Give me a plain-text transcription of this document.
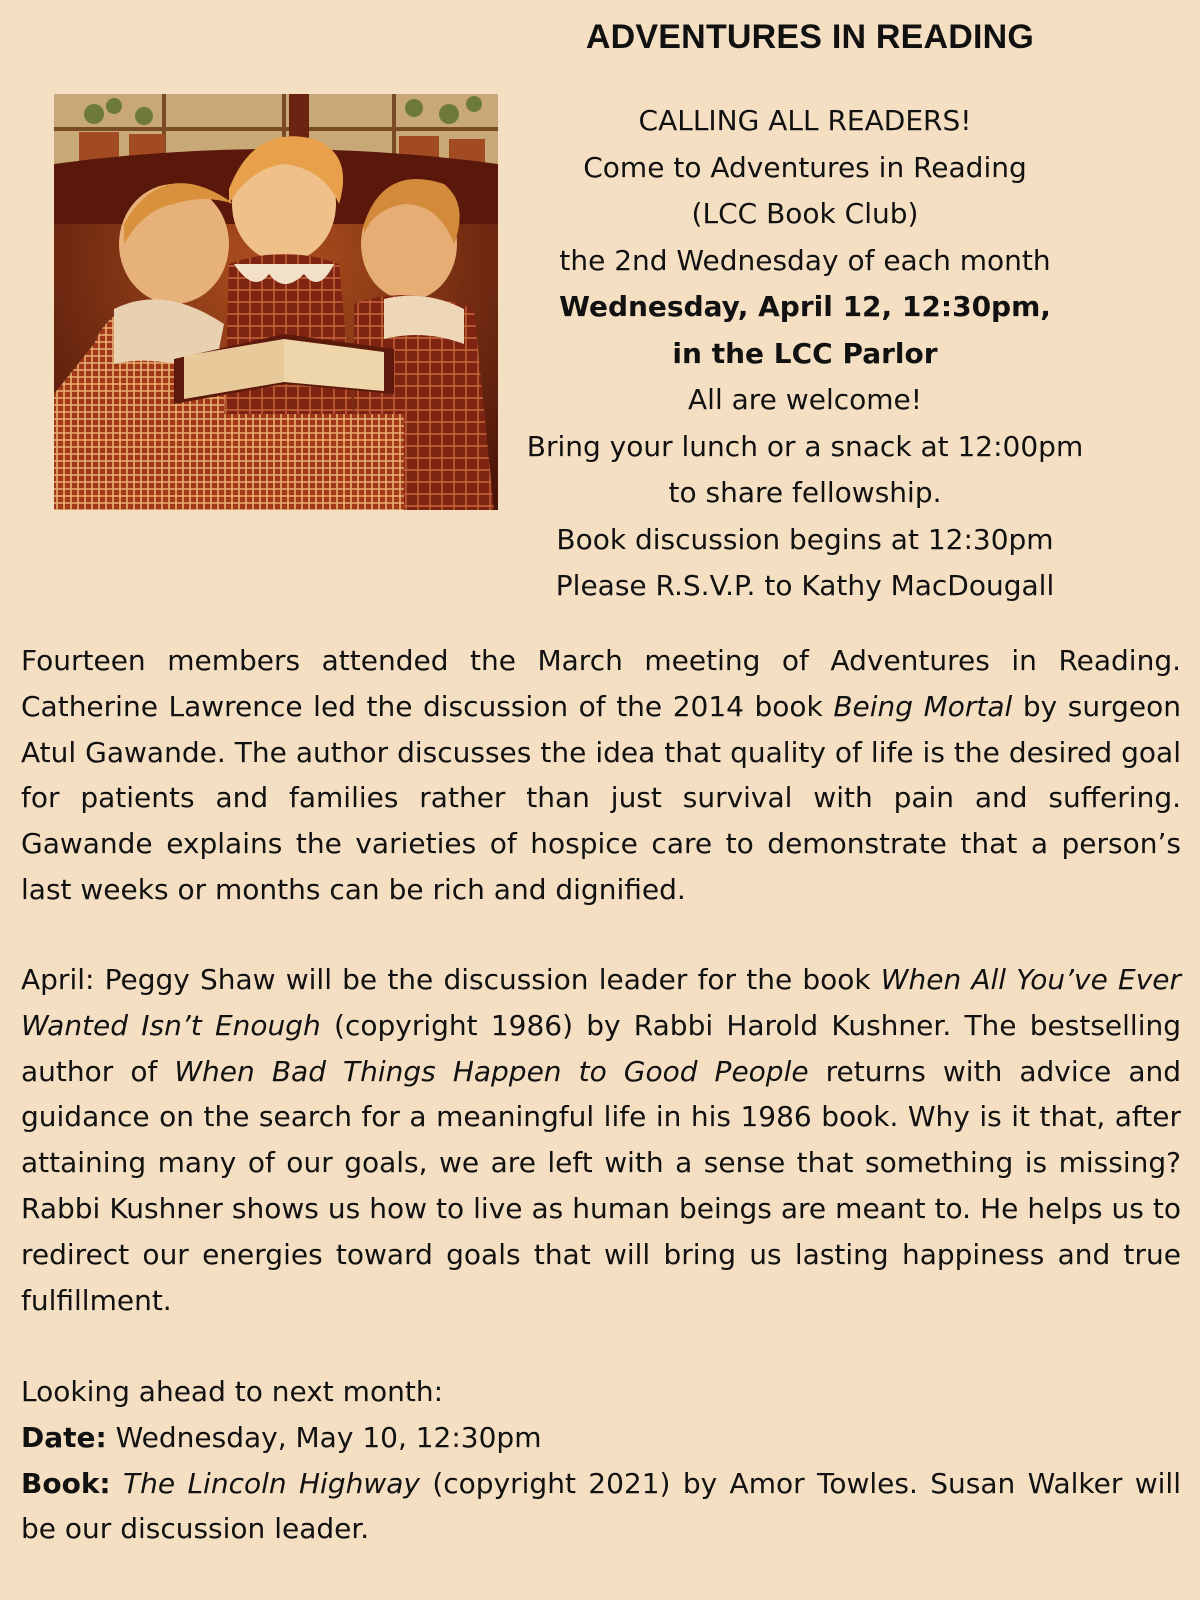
ADVENTURES IN READING
CALLING ALL READERS!
Come to Adventures in Reading
(LCC Book Club)
the 2nd Wednesday of each month
Wednesday, April 12, 12:30pm,
in the LCC Parlor
All are welcome!
Bring your lunch or a snack at 12:00pm
to share fellowship.
Book discussion begins at 12:30pm
Please R.S.V.P. to Kathy MacDougall

Fourteen members attended the March meeting of Adventures in Reading. Catherine Lawrence led the discussion of the 2014 book Being Mortal by surgeon Atul Gawande. The author discusses the idea that quality of life is the desired goal for patients and families rather than just survival with pain and suffering. Gawande explains the varieties of hospice care to demonstrate that a person’s last weeks or months can be rich and dignified.

April: Peggy Shaw will be the discussion leader for the book When All You’ve Ever Wanted Isn’t Enough (copyright 1986) by Rabbi Harold Kushner. The bestselling author of When Bad Things Happen to Good People returns with advice and guidance on the search for a meaningful life in his 1986 book. Why is it that, after attaining many of our goals, we are left with a sense that something is missing? Rabbi Kushner shows us how to live as human beings are meant to. He helps us to redirect our energies toward goals that will bring us lasting happiness and true fulfillment.

Looking ahead to next month:

Date: Wednesday, May 10, 12:30pm

Book: The Lincoln Highway (copyright 2021) by Amor Towles. Susan Walker will be our discussion leader.
